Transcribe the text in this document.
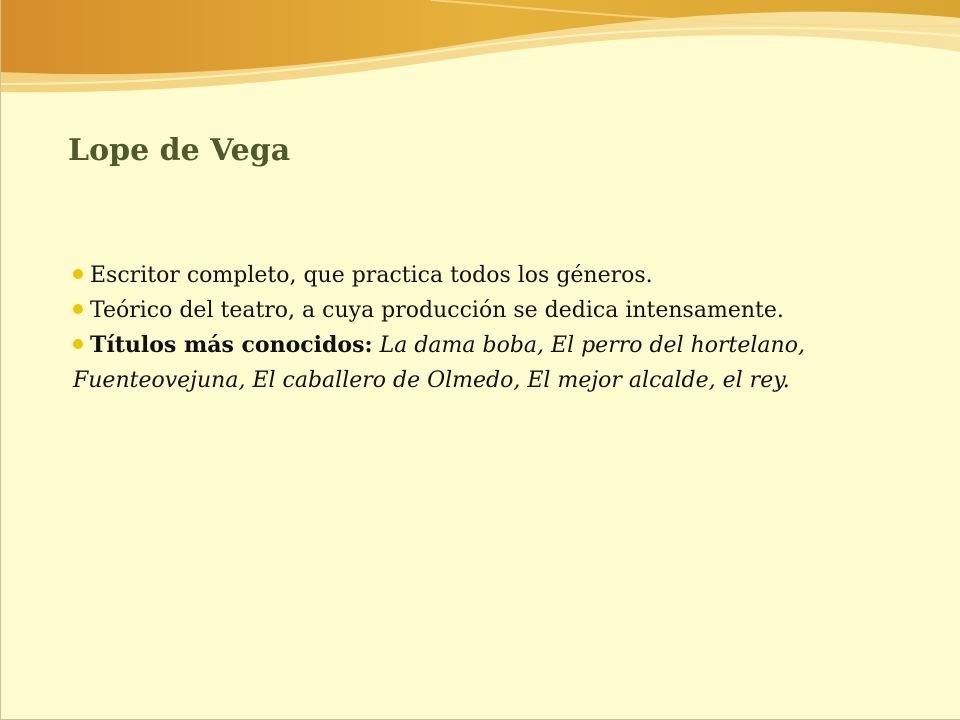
Lope de Vega
Escritor completo, que practica todos los géneros.
Teórico del teatro, a cuya producción se dedica intensamente.
Títulos más conocidos: La dama boba, El perro del hortelano, Fuenteovejuna, El caballero de Olmedo, El mejor alcalde, el rey.
